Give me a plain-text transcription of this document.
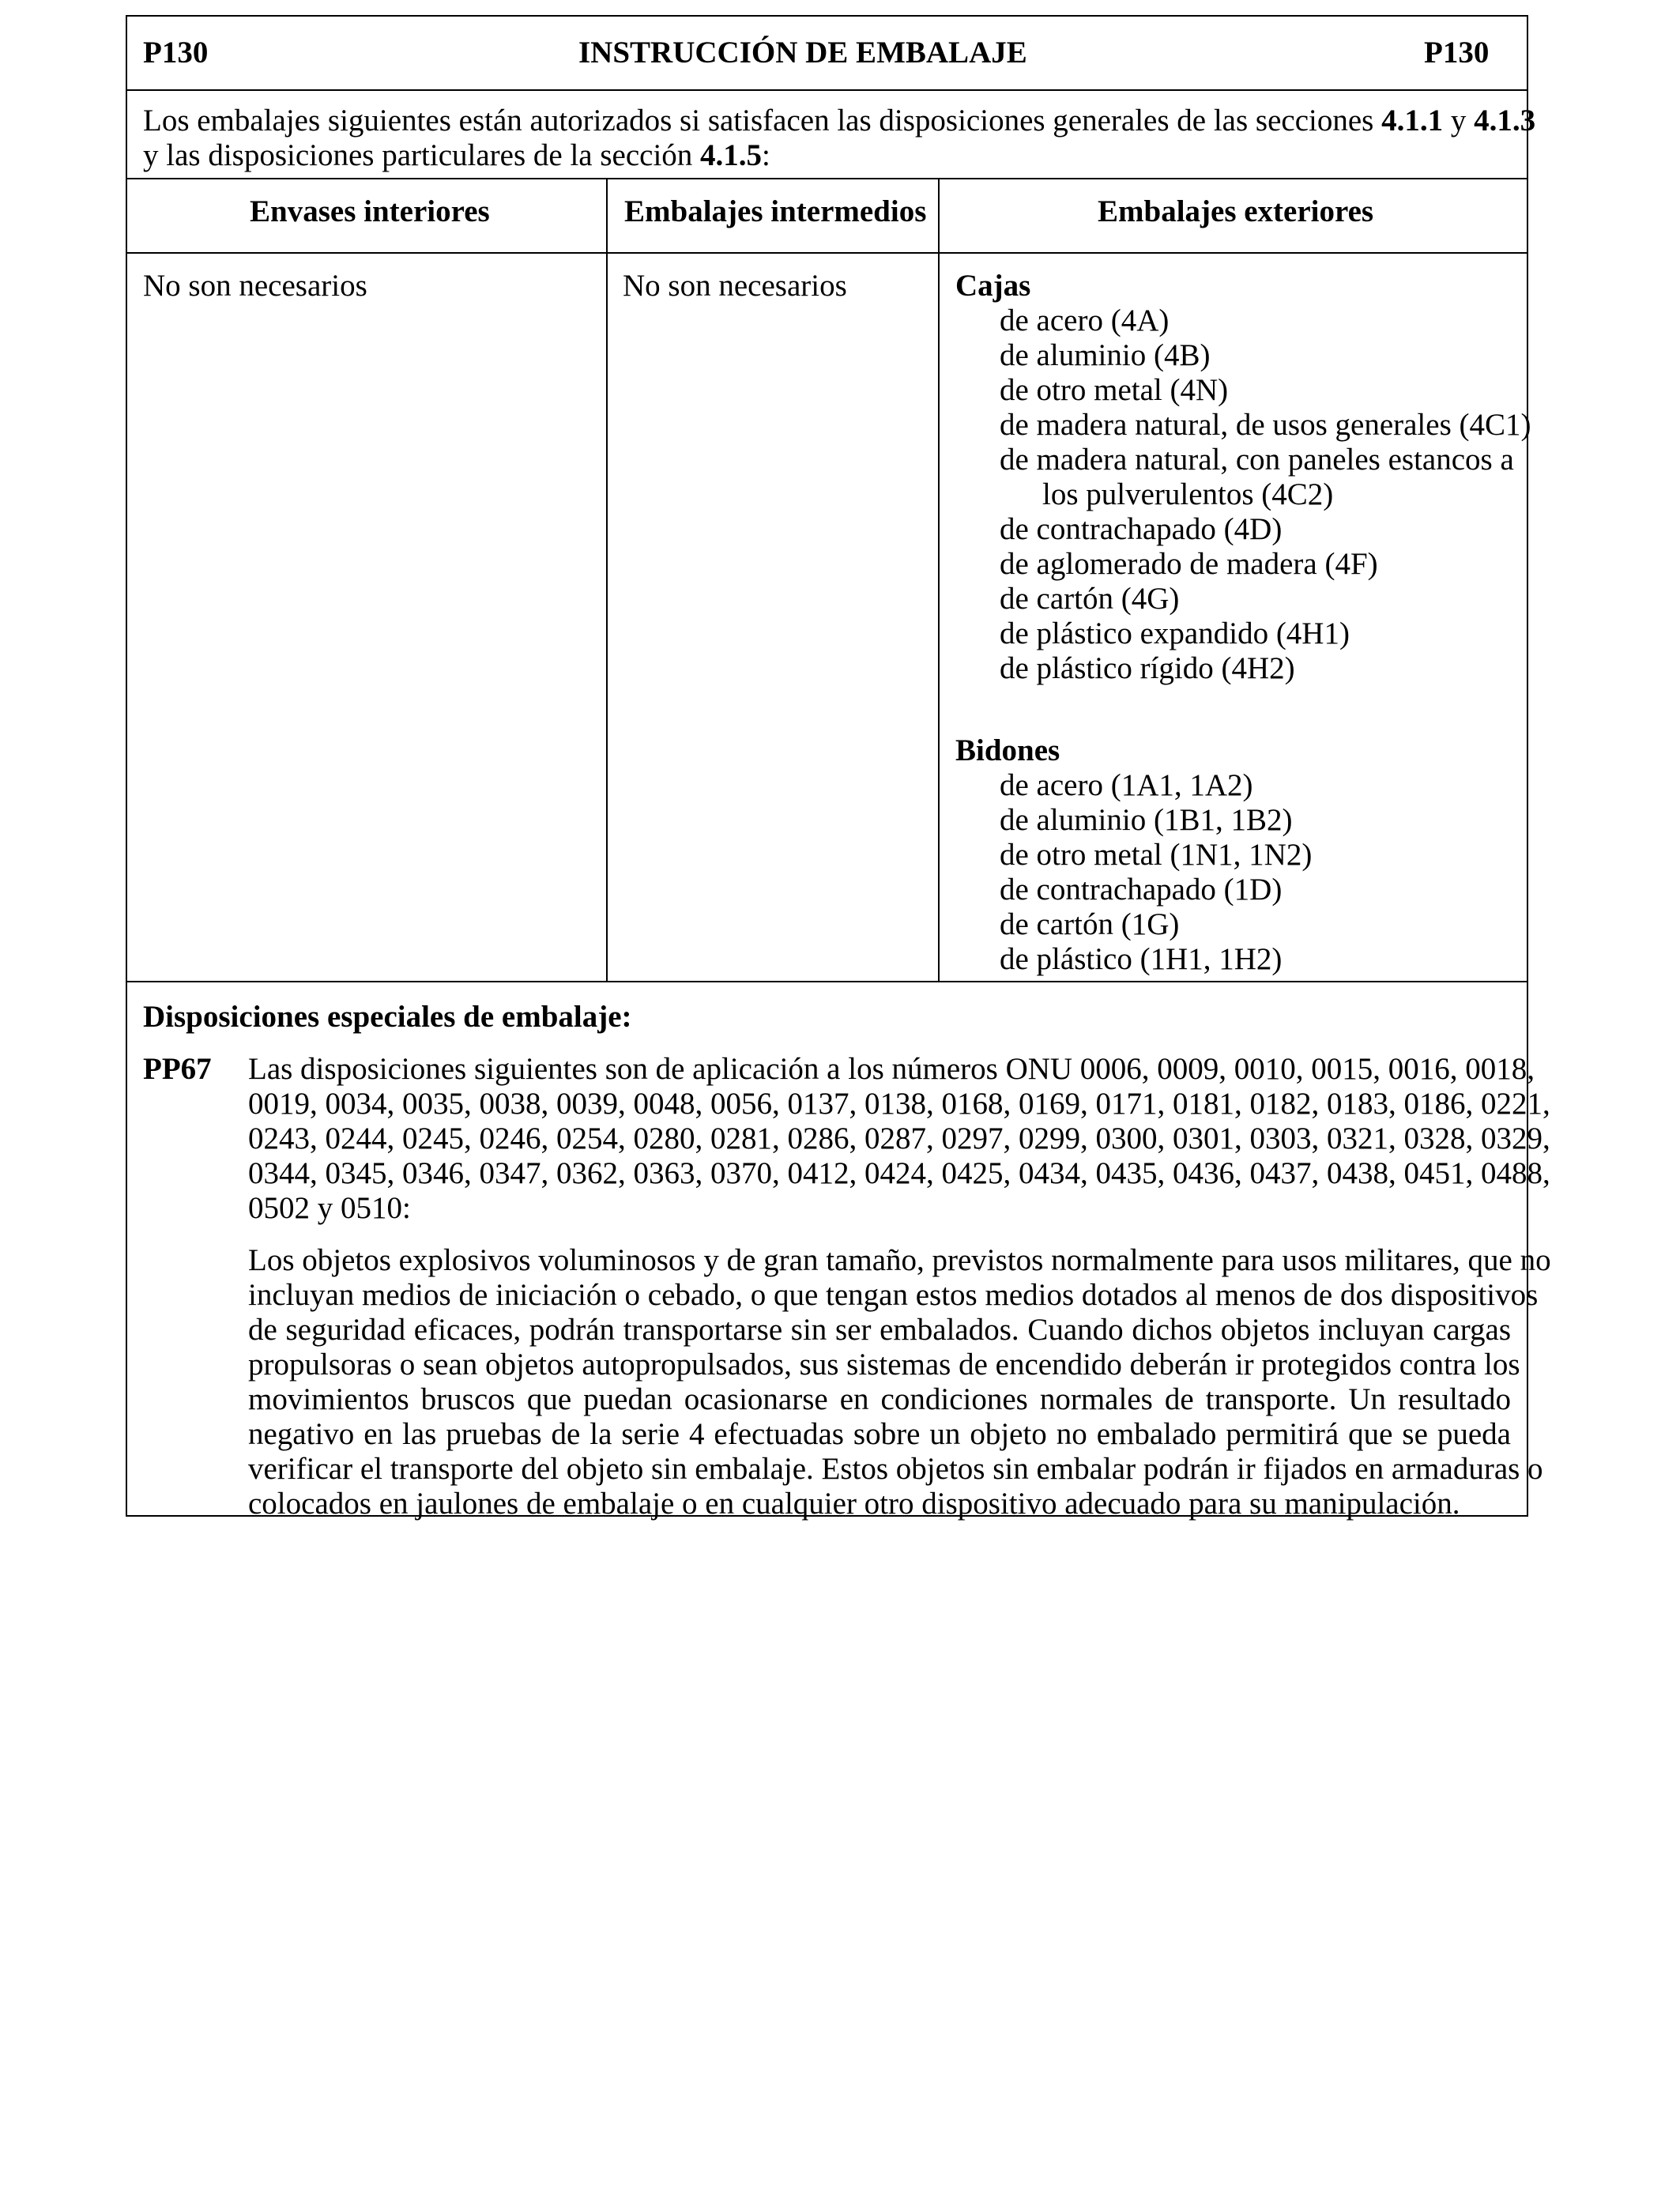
P130	INSTRUCCIÓN DE EMBALAJE	P130
Los embalajes siguientes están autorizados si satisfacen las disposiciones generales de las secciones 4.1.1 y 4.1.3
y las disposiciones particulares de la sección 4.1.5:
Envases interiores	Embalajes intermedios	Embalajes exteriores
No son necesarios	No son necesarios	Cajas
de acero (4A)
de aluminio (4B)
de otro metal (4N)
de madera natural, de usos generales (4C1)
de madera natural, con paneles estancos a
los pulverulentos (4C2)
de contrachapado (4D)
de aglomerado de madera (4F)
de cartón (4G)
de plástico expandido (4H1)
de plástico rígido (4H2)
Bidones
de acero (1A1, 1A2)
de aluminio (1B1, 1B2)
de otro metal (1N1, 1N2)
de contrachapado (1D)
de cartón (1G)
de plástico (1H1, 1H2)
Disposiciones especiales de embalaje:
PP67 Las disposiciones siguientes son de aplicación a los números ONU 0006, 0009, 0010, 0015, 0016, 0018,
0019, 0034, 0035, 0038, 0039, 0048, 0056, 0137, 0138, 0168, 0169, 0171, 0181, 0182, 0183, 0186, 0221,
0243, 0244, 0245, 0246, 0254, 0280, 0281, 0286, 0287, 0297, 0299, 0300, 0301, 0303, 0321, 0328, 0329,
0344, 0345, 0346, 0347, 0362, 0363, 0370, 0412, 0424, 0425, 0434, 0435, 0436, 0437, 0438, 0451, 0488,
0502 y 0510:
Los objetos explosivos voluminosos y de gran tamaño, previstos normalmente para usos militares, que no
incluyan medios de iniciación o cebado, o que tengan estos medios dotados al menos de dos dispositivos
de seguridad eficaces, podrán transportarse sin ser embalados. Cuando dichos objetos incluyan cargas
propulsoras o sean objetos autopropulsados, sus sistemas de encendido deberán ir protegidos contra los
movimientos bruscos que puedan ocasionarse en condiciones normales de transporte. Un resultado
negativo en las pruebas de la serie 4 efectuadas sobre un objeto no embalado permitirá que se pueda
verificar el transporte del objeto sin embalaje. Estos objetos sin embalar podrán ir fijados en armaduras o
colocados en jaulones de embalaje o en cualquier otro dispositivo adecuado para su manipulación.
